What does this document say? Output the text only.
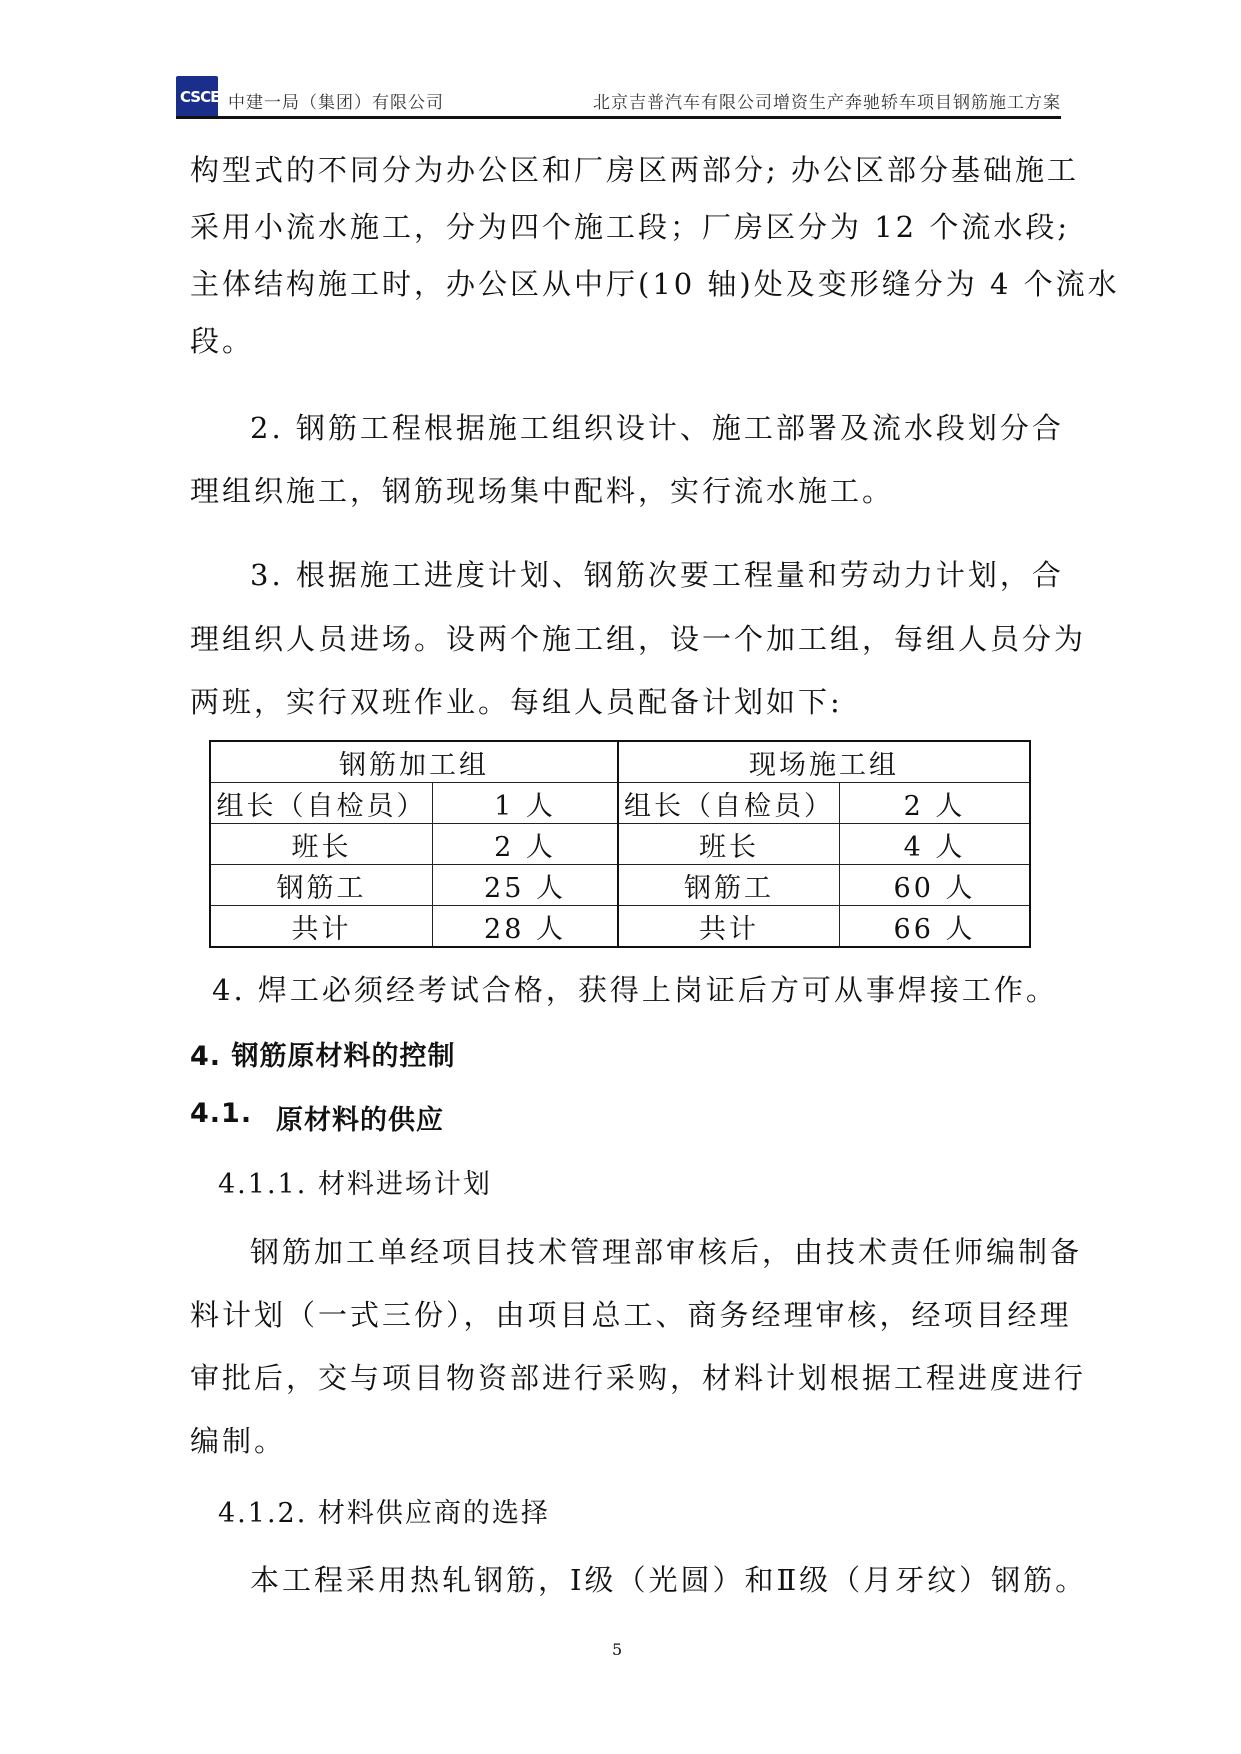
CSCEC
中建一局（集团）有限公司	北京吉普汽车有限公司增资生产奔驰轿车项目钢筋施工方案
构型式的不同分为办公区和厂房区两部分; 办公区部分基础施工
采用小流水施工，分为四个施工段；厂房区分为 12 个流水段;
主体结构施工时，办公区从中厅(10 轴)处及变形缝分为 4 个流水
段。
2. 钢筋工程根据施工组织设计、施工部署及流水段划分合
理组织施工，钢筋现场集中配料，实行流水施工。
3. 根据施工进度计划、钢筋次要工程量和劳动力计划，合
理组织人员进场。设两个施工组，设一个加工组，每组人员分为
两班，实行双班作业。每组人员配备计划如下:
钢筋加工组		现场施工组	
组长（自检员）	1 人	组长（自检员）	2 人
班长	2 人	班长	4 人
钢筋工	25 人	钢筋工	60 人
共计	28 人	共计	66 人
4. 焊工必须经考试合格，获得上岗证后方可从事焊接工作。
4. 钢筋原材料的控制
4.1. 原材料的供应
4.1.1. 材料进场计划
钢筋加工单经项目技术管理部审核后，由技术责任师编制备
料计划（一式三份），由项目总工、商务经理审核，经项目经理
审批后，交与项目物资部进行采购，材料计划根据工程进度进行
编制。
4.1.2. 材料供应商的选择
本工程采用热轧钢筋，Ⅰ级（光圆）和Ⅱ级（月牙纹）钢筋。
5
